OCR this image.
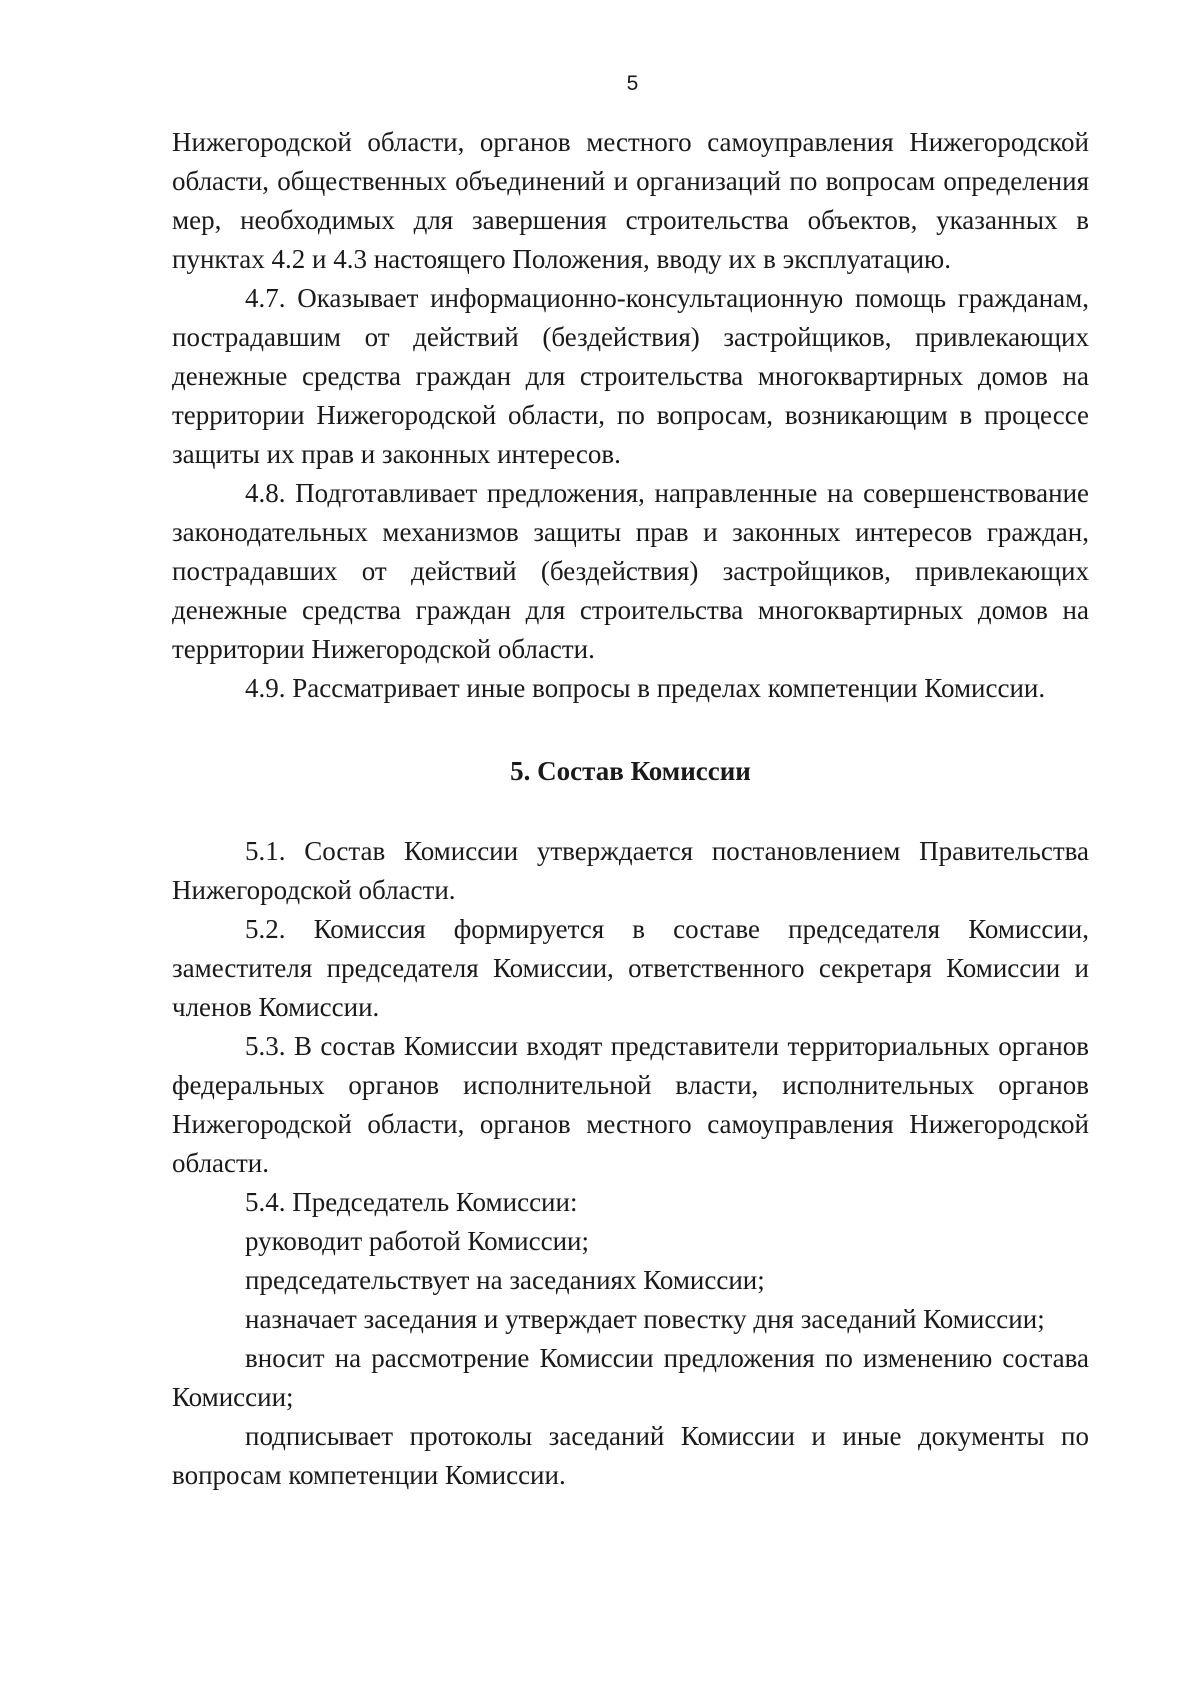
5

Нижегородской области, органов местного самоуправления Нижегородской области, общественных объединений и организаций по вопросам определения мер, необходимых для завершения строительства объектов, указанных в пунктах 4.2 и 4.3 настоящего Положения, вводу их в эксплуатацию.

4.7. Оказывает информационно-консультационную помощь гражданам, пострадавшим от действий (бездействия) застройщиков, привлекающих денежные средства граждан для строительства многоквартирных домов на территории Нижегородской области, по вопросам, возникающим в процессе защиты их прав и законных интересов.

4.8. Подготавливает предложения, направленные на совершенствование законодательных механизмов защиты прав и законных интересов граждан, пострадавших от действий (бездействия) застройщиков, привлекающих денежные средства граждан для строительства многоквартирных домов на территории Нижегородской области.

4.9. Рассматривает иные вопросы в пределах компетенции Комиссии.

5. Состав Комиссии

5.1. Состав Комиссии утверждается постановлением Правительства Нижегородской области.

5.2. Комиссия формируется в составе председателя Комиссии, заместителя председателя Комиссии, ответственного секретаря Комиссии и членов Комиссии.

5.3. В состав Комиссии входят представители территориальных органов федеральных органов исполнительной власти, исполнительных органов Нижегородской области, органов местного самоуправления Нижегородской области.

5.4. Председатель Комиссии:

руководит работой Комиссии;

председательствует на заседаниях Комиссии;

назначает заседания и утверждает повестку дня заседаний Комиссии;

вносит на рассмотрение Комиссии предложения по изменению состава Комиссии;

подписывает протоколы заседаний Комиссии и иные документы по вопросам компетенции Комиссии.
